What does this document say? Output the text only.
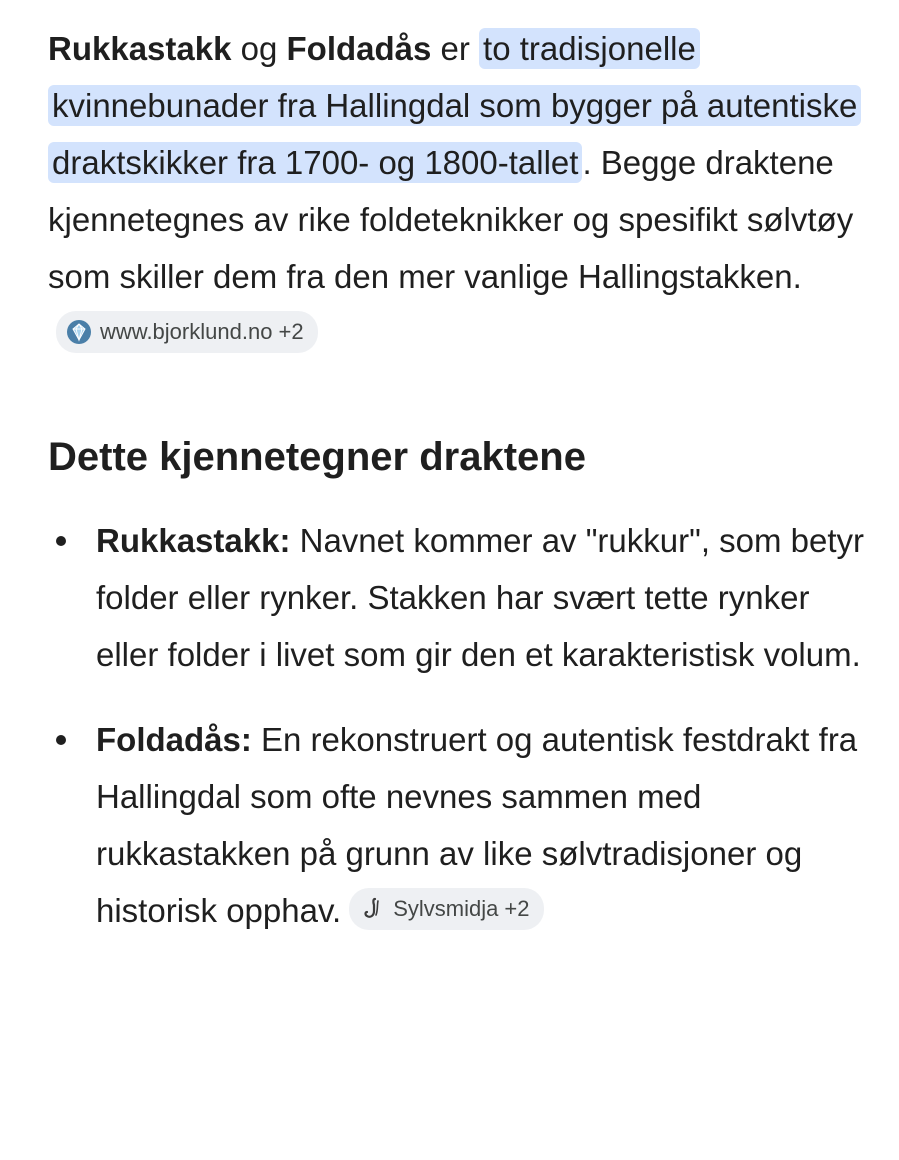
Rukkastakk og Foldadås er to tradisjonelle kvinnebunader fra Hallingdal som bygger på autentiske draktskikker fra 1700- og 1800-tallet . Begge draktene kjennetegnes av rike foldeteknikker og spesifikt sølvtøy som skiller dem fra den mer vanlige Hallingstakken.
www.bjorklund.no +2

Dette kjennetegner draktene
Rukkastakk: Navnet kommer av "rukkur", som betyr folder eller rynker. Stakken har svært tette rynker eller folder i livet som gir den et karakteristisk volum.
Foldadås: En rekonstruert og autentisk festdrakt fra Hallingdal som ofte nevnes sammen med rukkastakken på grunn av like sølvtradisjoner og historisk opphav. Sylvsmidja +2
